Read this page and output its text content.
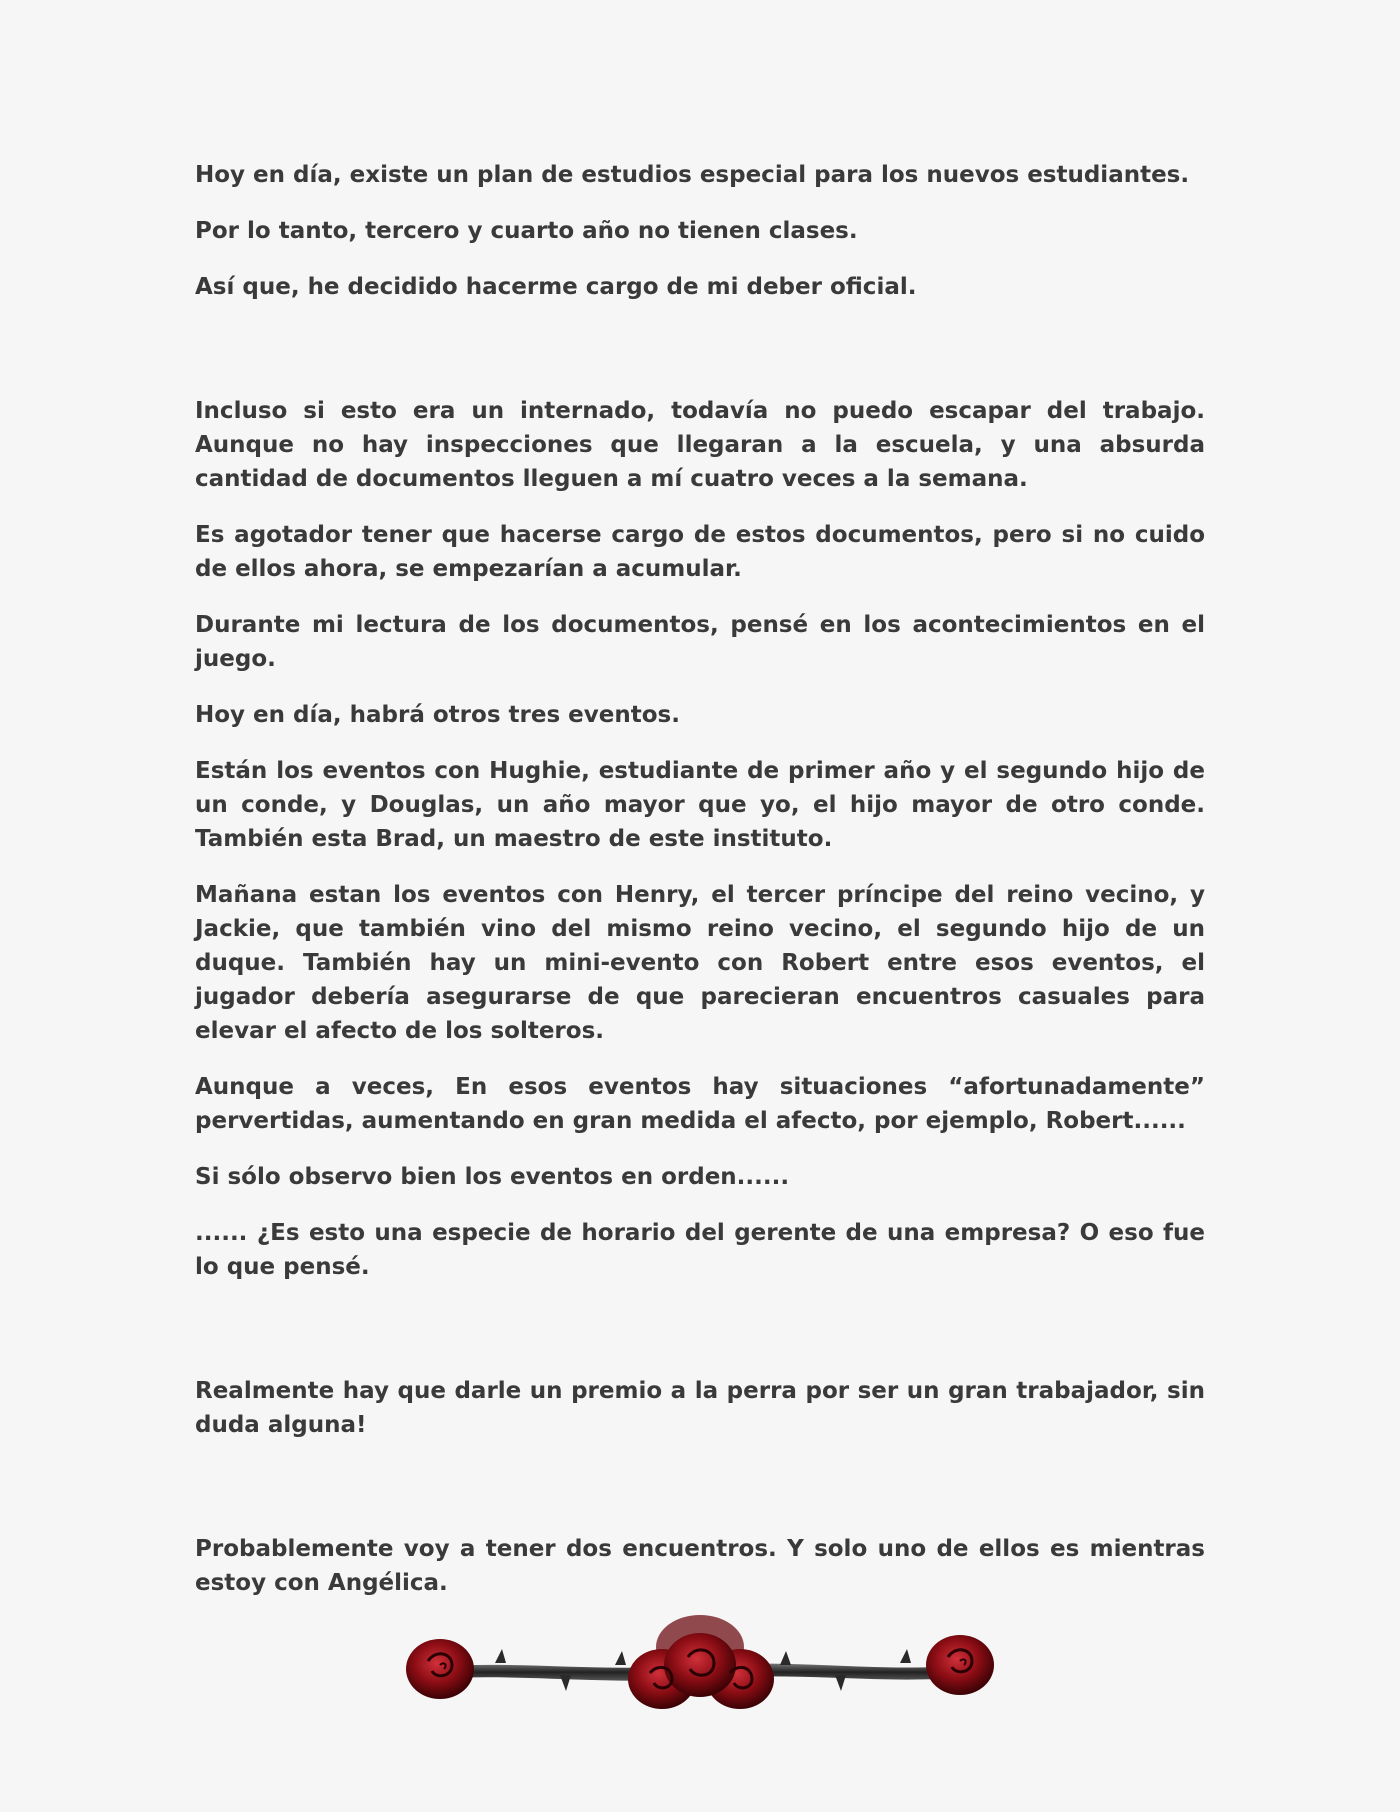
Hoy en día, existe un plan de estudios especial para los nuevos estudiantes.

Por lo tanto, tercero y cuarto año no tienen clases.

Así que, he decidido hacerme cargo de mi deber oficial.

Incluso si esto era un internado, todavía no puedo escapar del trabajo. Aunque no hay inspecciones que llegaran a la escuela, y una absurda cantidad de documentos lleguen a mí cuatro veces a la semana.

Es agotador tener que hacerse cargo de estos documentos, pero si no cuido de ellos ahora, se empezarían a acumular.

Durante mi lectura de los documentos, pensé en los acontecimientos en el juego.

Hoy en día, habrá otros tres eventos.

Están los eventos con Hughie, estudiante de primer año y el segundo hijo de un conde, y Douglas, un año mayor que yo, el hijo mayor de otro conde. También esta Brad, un maestro de este instituto.

Mañana estan los eventos con Henry, el tercer príncipe del reino vecino, y Jackie, que también vino del mismo reino vecino, el segundo hijo de un duque. También hay un mini-evento con Robert entre esos eventos, el jugador debería asegurarse de que parecieran encuentros casuales para elevar el afecto de los solteros.

Aunque a veces, En esos eventos hay situaciones “afortunadamente” pervertidas, aumentando en gran medida el afecto, por ejemplo, Robert......

Si sólo observo bien los eventos en orden......

...... ¿Es esto una especie de horario del gerente de una empresa? O eso fue lo que pensé.

Realmente hay que darle un premio a la perra por ser un gran trabajador, sin duda alguna!

Probablemente voy a tener dos encuentros. Y solo uno de ellos es mientras estoy con Angélica.
